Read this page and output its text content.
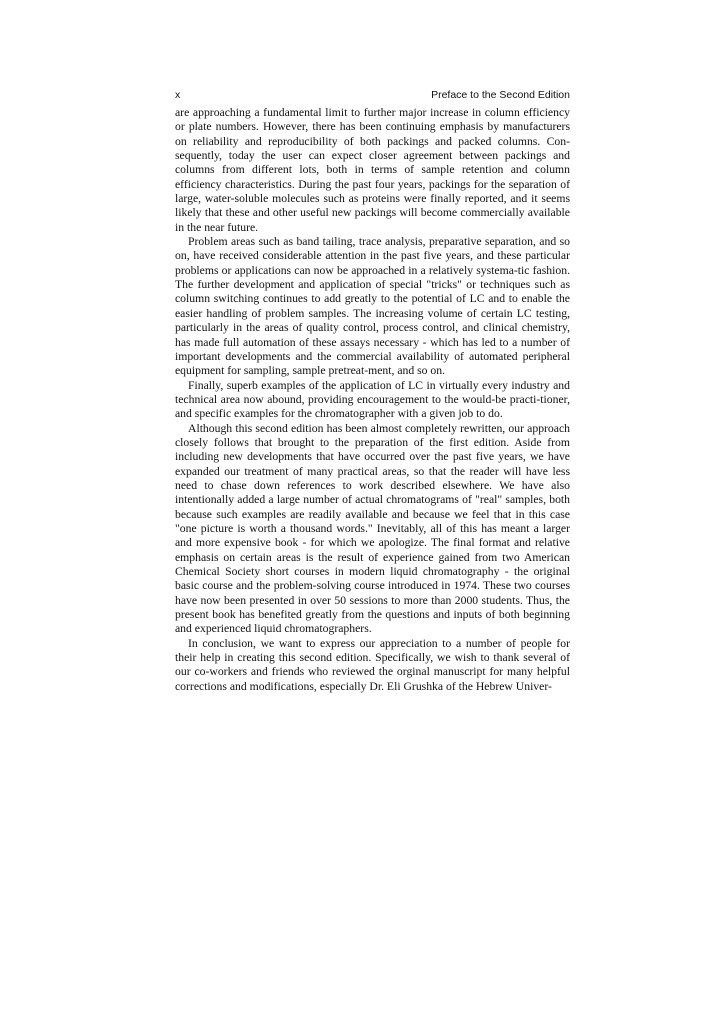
x	Preface to the Second Edition

are approaching a fundamental limit to further major increase in column efficiency or plate numbers. However, there has been continuing emphasis by manufacturers on reliability and reproducibility of both packings and packed columns. Con-sequently, today the user can expect closer agreement between packings and columns from different lots, both in terms of sample retention and column efficiency characteristics. During the past four years, packings for the separation of large, water-soluble molecules such as proteins were finally reported, and it seems likely that these and other useful new packings will become commercially available in the near future.

Problem areas such as band tailing, trace analysis, preparative separation, and so on, have received considerable attention in the past five years, and these particular problems or applications can now be approached in a relatively systema-tic fashion. The further development and application of special "tricks" or techniques such as column switching continues to add greatly to the potential of LC and to enable the easier handling of problem samples. The increasing volume of certain LC testing, particularly in the areas of quality control, process control, and clinical chemistry, has made full automation of these assays necessary - which has led to a number of important developments and the commercial availability of automated peripheral equipment for sampling, sample pretreat-ment, and so on.

Finally, superb examples of the application of LC in virtually every industry and technical area now abound, providing encouragement to the would-be practi-tioner, and specific examples for the chromatographer with a given job to do.

Although this second edition has been almost completely rewritten, our approach closely follows that brought to the preparation of the first edition. Aside from including new developments that have occurred over the past five years, we have expanded our treatment of many practical areas, so that the reader will have less need to chase down references to work described elsewhere. We have also intentionally added a large number of actual chromatograms of "real" samples, both because such examples are readily available and because we feel that in this case "one picture is worth a thousand words." Inevitably, all of this has meant a larger and more expensive book - for which we apologize. The final format and relative emphasis on certain areas is the result of experience gained from two American Chemical Society short courses in modern liquid chromatography - the original basic course and the problem-solving course introduced in 1974. These two courses have now been presented in over 50 sessions to more than 2000 students. Thus, the present book has benefited greatly from the questions and inputs of both beginning and experienced liquid chromatographers.

In conclusion, we want to express our appreciation to a number of people for their help in creating this second edition. Specifically, we wish to thank several of our co-workers and friends who reviewed the orginal manuscript for many helpful corrections and modifications, especially Dr. Eli Grushka of the Hebrew Univer-
